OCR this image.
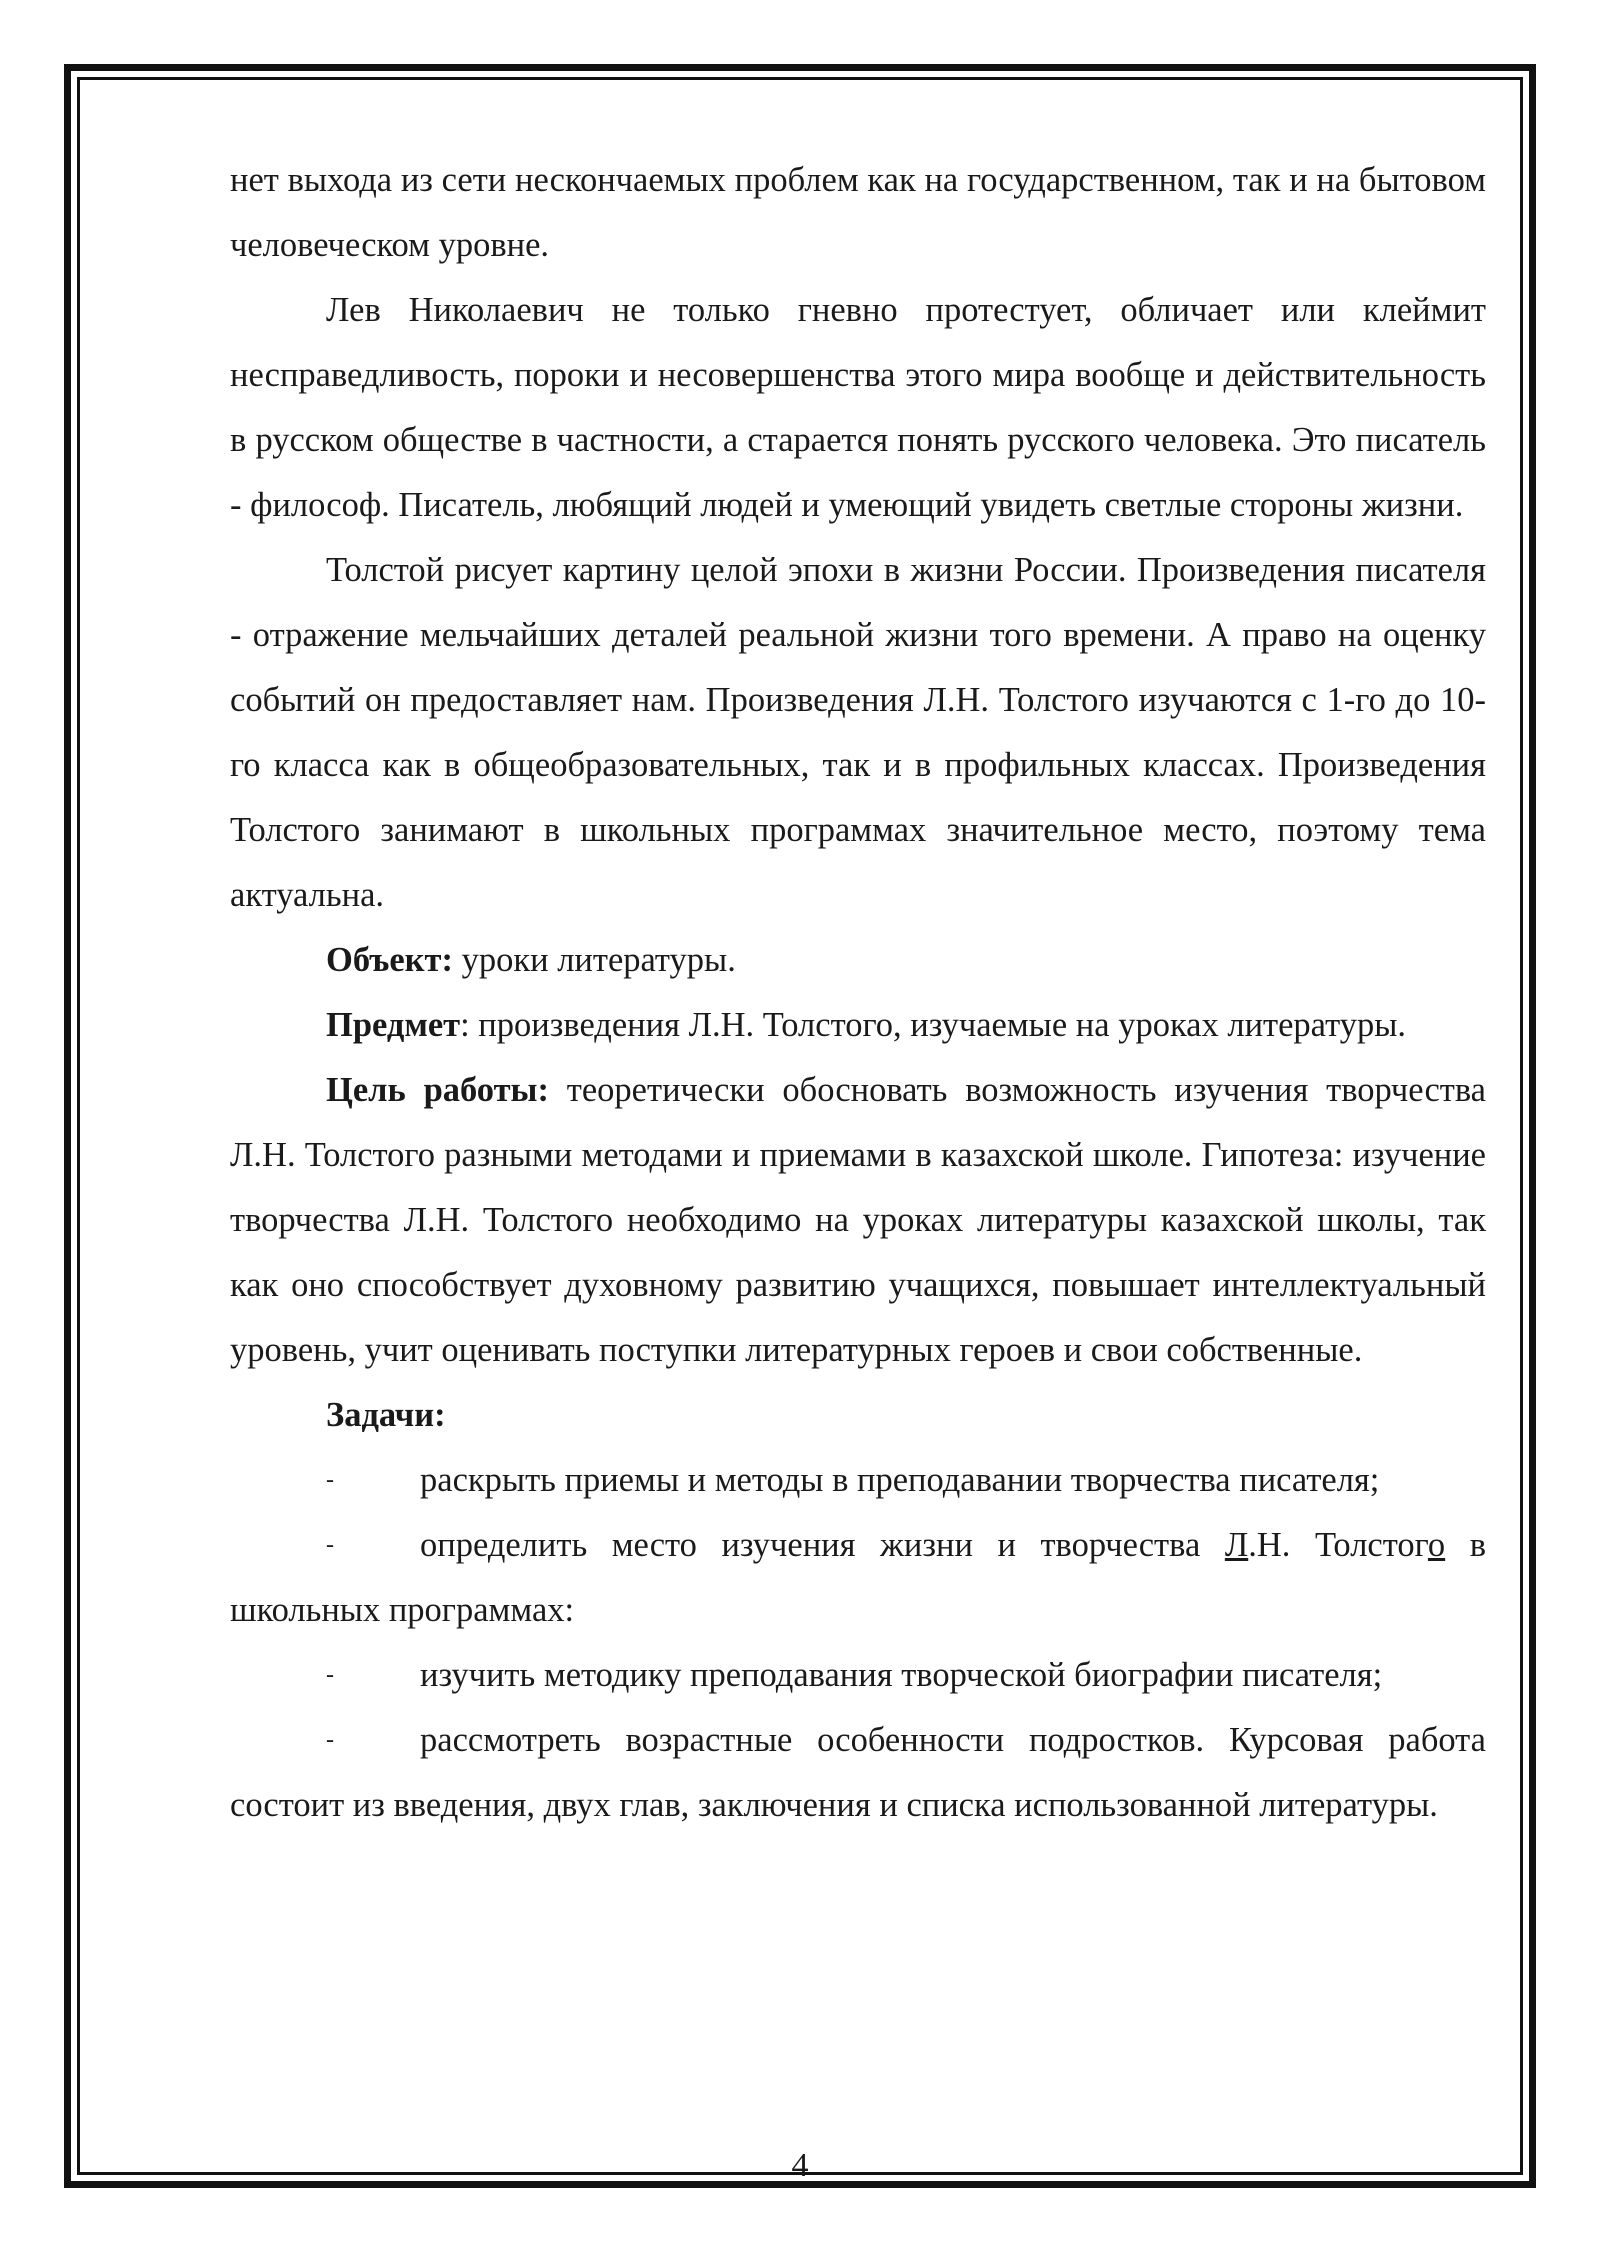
нет выхода из сети нескончаемых проблем как на государственном, так и на бытовом человеческом уровне.

Лев Николаевич не только гневно протестует, обличает или клеймит несправедливость, пороки и несовершенства этого мира вообще и действительность в русском обществе в частности, а старается понять русского человека. Это писатель - философ. Писатель, любящий людей и умеющий увидеть светлые стороны жизни.

Толстой рисует картину целой эпохи в жизни России. Произведения писателя - отражение мельчайших деталей реальной жизни того времени. А право на оценку событий он предоставляет нам. Произведения Л.Н. Толстого изучаются с 1-го до 10-го класса как в общеобразовательных, так и в профильных классах. Произведения Толстого занимают в школьных программах значительное место, поэтому тема актуальна.

Объект: уроки литературы.

Предмет: произведения Л.Н. Толстого, изучаемые на уроках литературы.

Цель работы: теоретически обосновать возможность изучения творчества Л.Н. Толстого разными методами и приемами в казахской школе. Гипотеза: изучение творчества Л.Н. Толстого необходимо на уроках литературы казахской школы, так как оно способствует духовному развитию учащихся, повышает интеллектуальный уровень, учит оценивать поступки литературных героев и свои собственные.

Задачи:

- раскрыть приемы и методы в преподавании творчества писателя;

- определить место изучения жизни и творчества Л.Н. Толстого в школьных программах:

- изучить методику преподавания творческой биографии писателя;

- рассмотреть возрастные особенности подростков. Курсовая работа состоит из введения, двух глав, заключения и списка использованной литературы.

4
